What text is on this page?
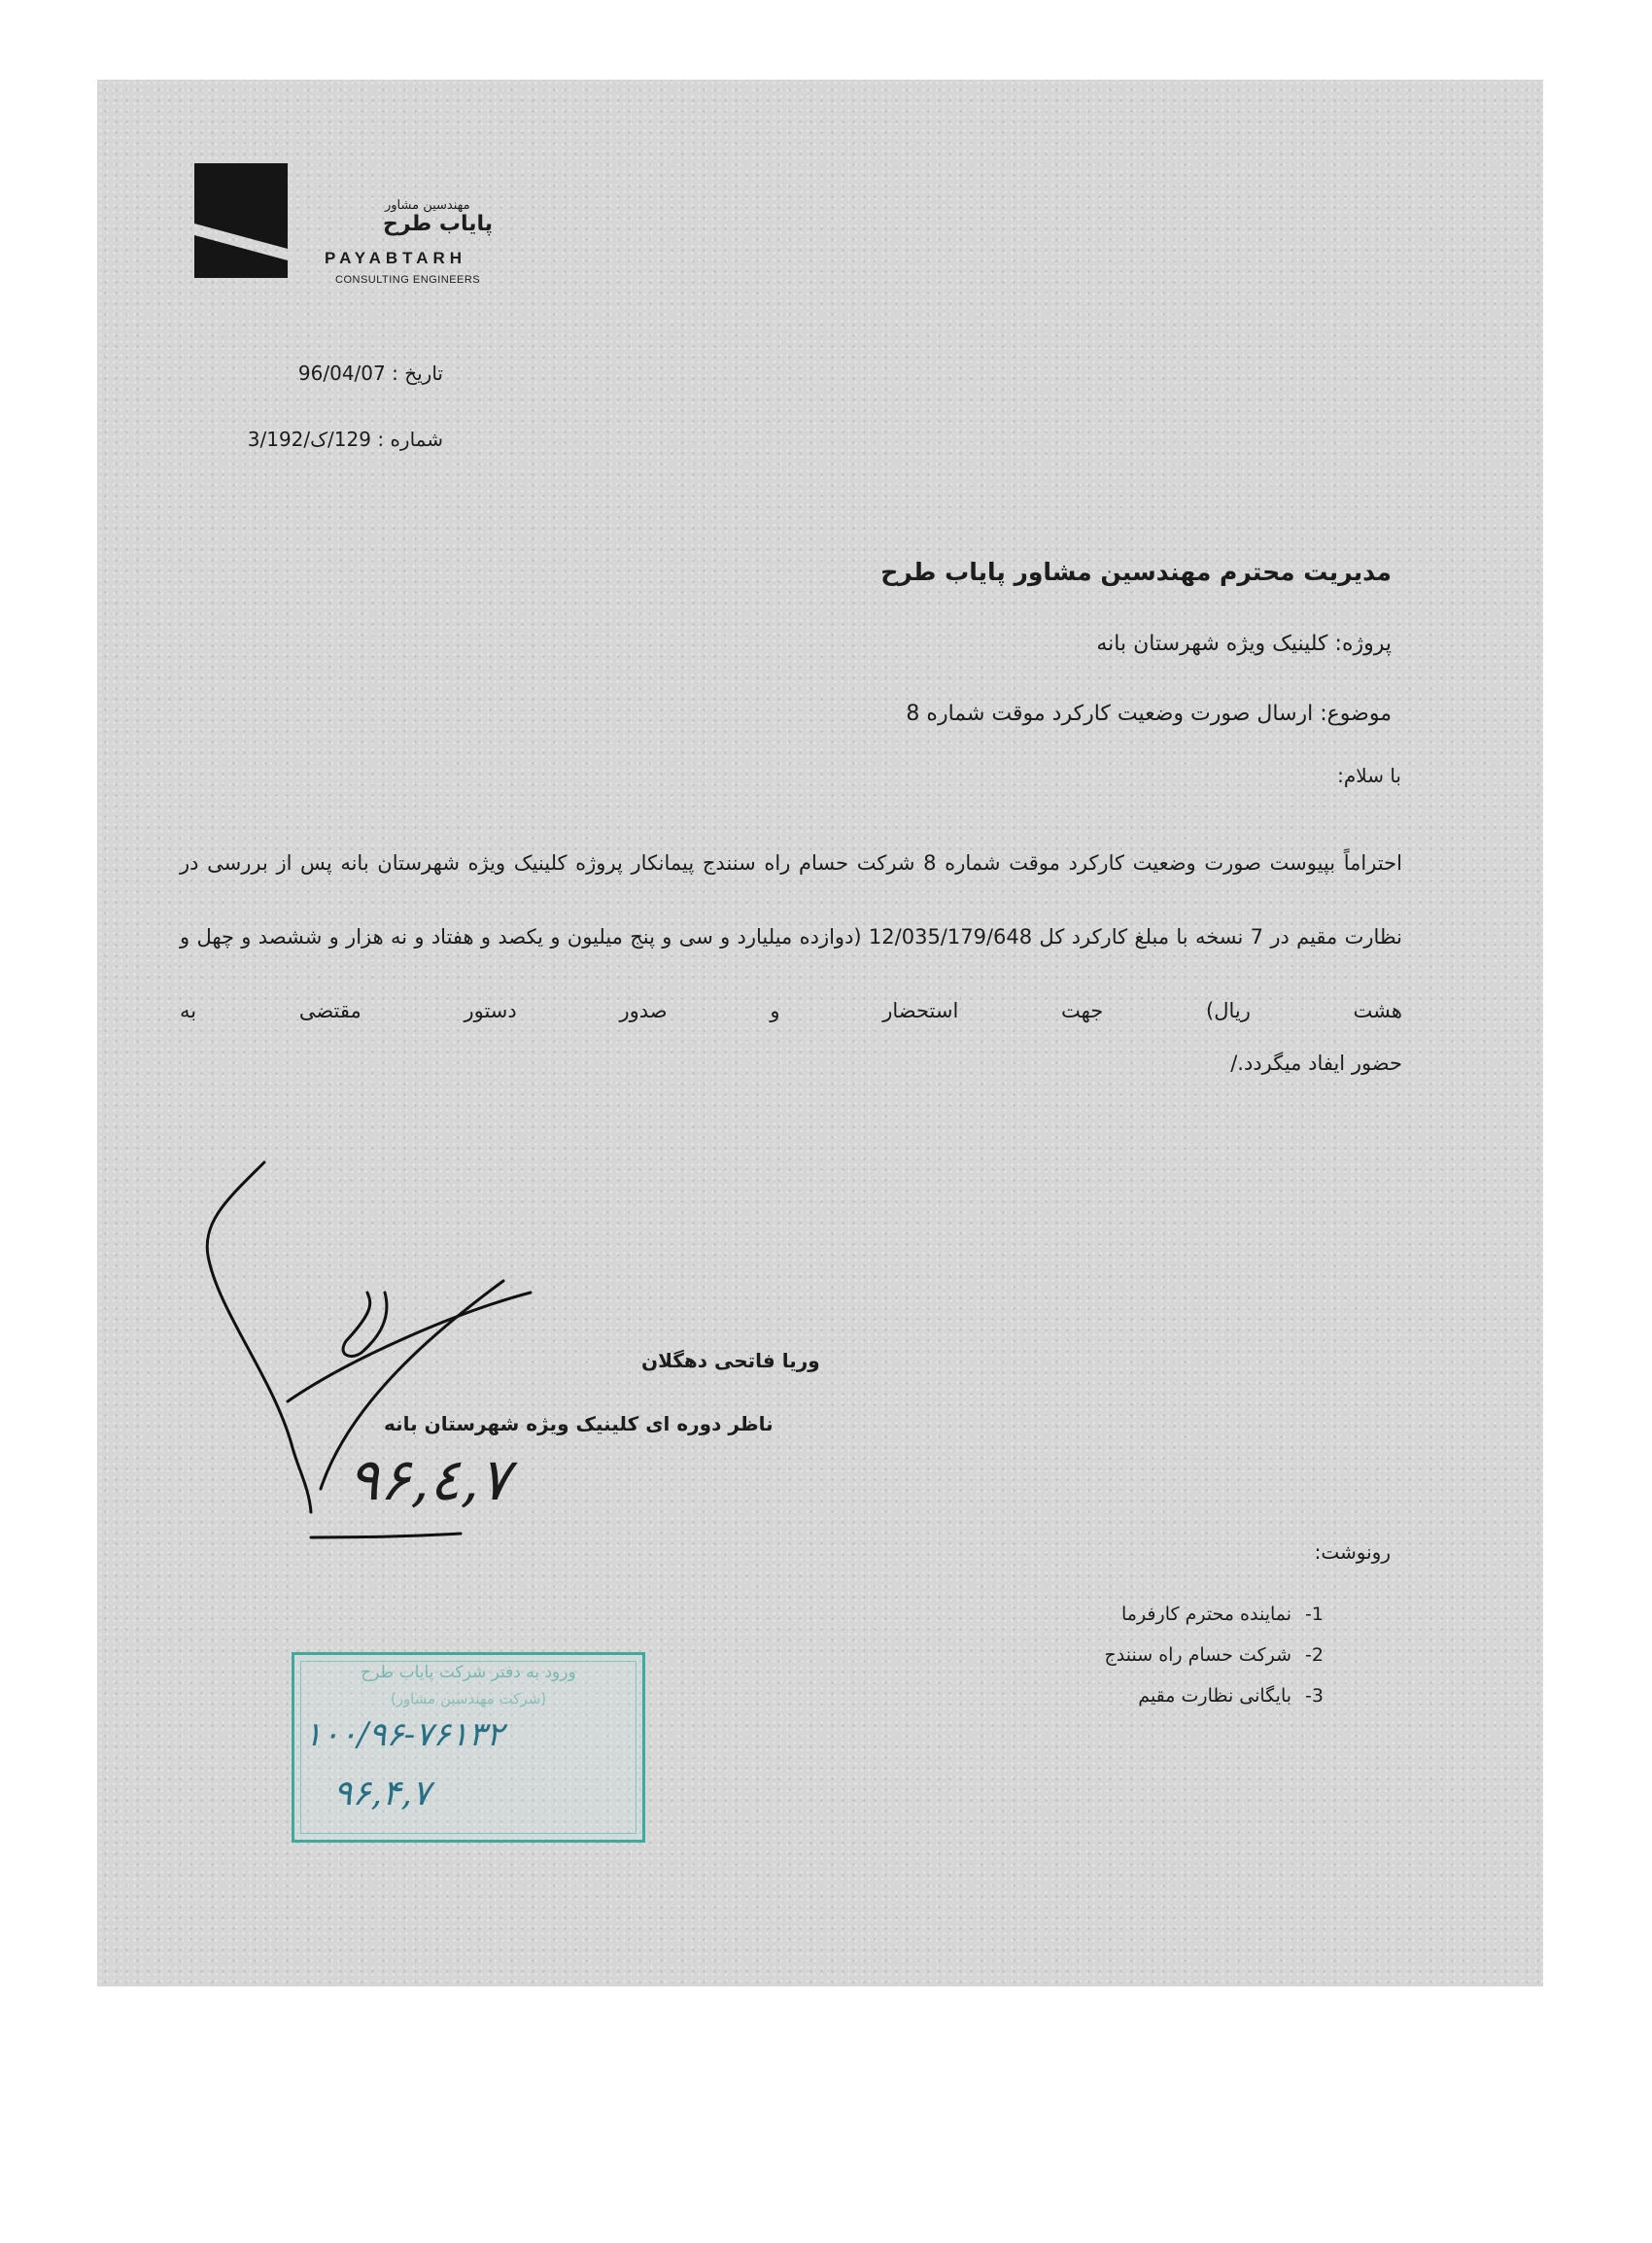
مهندسین مشاور
پایاب طرح
PAYABTARH
CONSULTING ENGINEERS
تاریخ : 96/04/07
شماره : 129/ک/3/192
مدیریت محترم مهندسین مشاور پایاب طرح
پروژه: کلینیک ویژه شهرستان بانه
موضوع: ارسال صورت وضعیت کارکرد موقت شماره 8
با سلام:
احتراماً بپیوست صورت وضعیت کارکرد موقت شماره 8 شرکت حسام راه سنندج پیمانکار پروژه کلینیک ویژه شهرستان بانه پس از بررسی در نظارت مقیم در 7 نسخه با مبلغ کارکرد کل 12/035/179/648 (دوازده میلیارد و سی و پنج میلیون و یکصد و هفتاد و نه هزار و ششصد و چهل و هشت ریال) جهت استحضار و صدور دستور مقتضی به
حضور ایفاد میگردد./
وریا فاتحی دهگلان
ناظر دوره ای کلینیک ویژه شهرستان بانه
۹۶,٤,۷
رونوشت:
-1
نماینده محترم کارفرما
-2
شرکت حسام راه سنندج
-3
بایگانی نظارت مقیم
ورود به دفتر شرکت پایاب طرح
(شرکت مهندسین مشاور)
۱۰۰/۹۶-۷۶۱۳۲
۹۶,۴,۷
